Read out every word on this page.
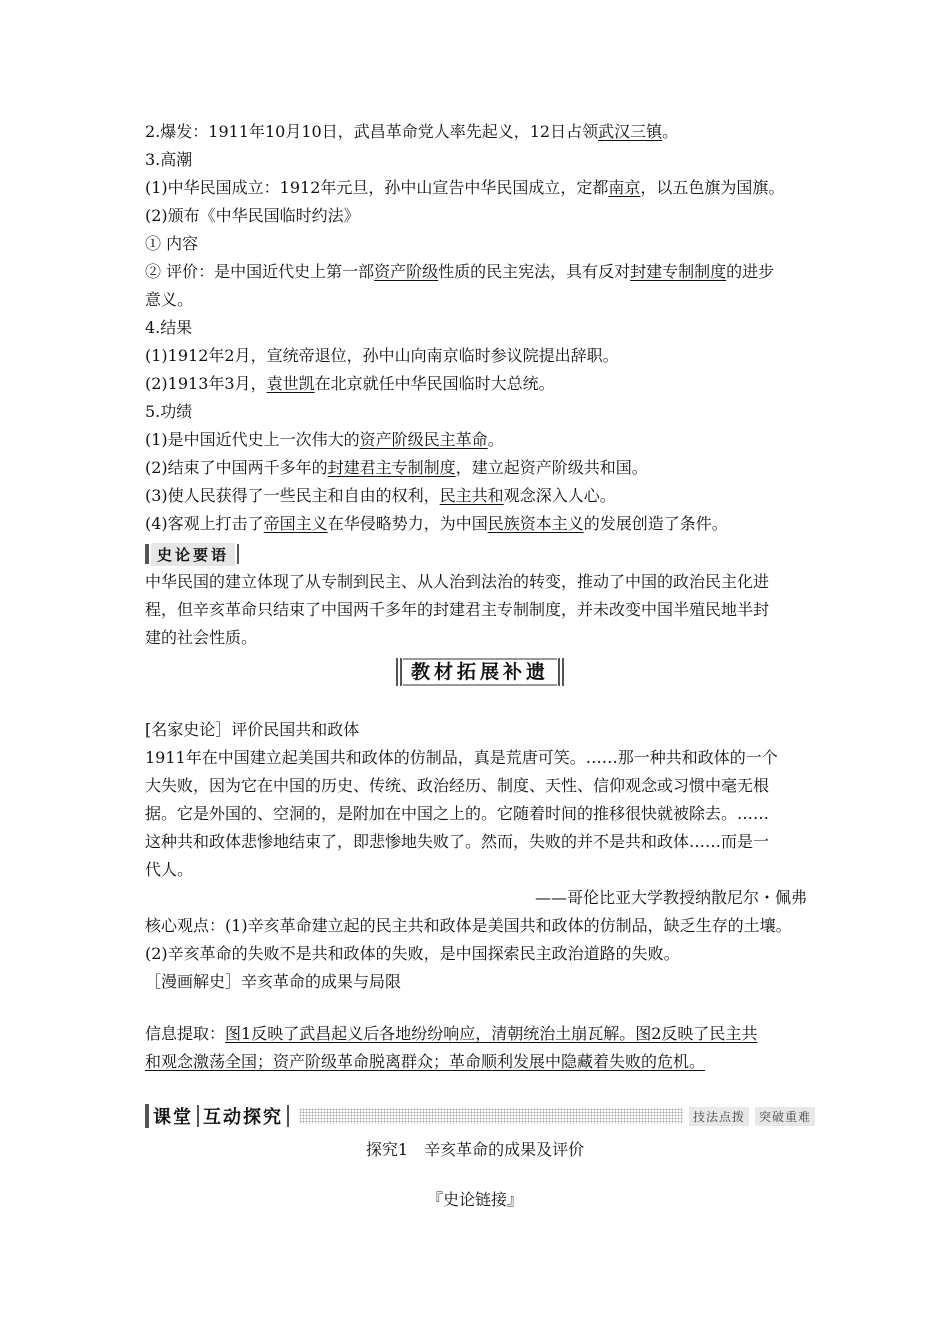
2.爆发：1911年10月10日，武昌革命党人率先起义，12日占领武汉三镇。
3.高潮
(1)中华民国成立：1912年元旦，孙中山宣告中华民国成立，定都南京，以五色旗为国旗。
(2)颁布《中华民国临时约法》
① 内容
② 评价：是中国近代史上第一部资产阶级性质的民主宪法，具有反对封建专制制度的进步
意义。
4.结果
(1)1912年2月，宣统帝退位，孙中山向南京临时参议院提出辞职。
(2)1913年3月，袁世凯在北京就任中华民国临时大总统。
5.功绩
(1)是中国近代史上一次伟大的资产阶级民主革命。
(2)结束了中国两千多年的封建君主专制制度，建立起资产阶级共和国。
(3)使人民获得了一些民主和自由的权利，民主共和观念深入人心。
(4)客观上打击了帝国主义在华侵略势力，为中国民族资本主义的发展创造了条件。
史论要语
中华民国的建立体现了从专制到民主、从人治到法治的转变，推动了中国的政治民主化进
程，但辛亥革命只结束了中国两千多年的封建君主专制制度，并未改变中国半殖民地半封
建的社会性质。
教材拓展补遗
[名家史论］评价民国共和政体
1911年在中国建立起美国共和政体的仿制品，真是荒唐可笑。……那一种共和政体的一个
大失败，因为它在中国的历史、传统、政治经历、制度、天性、信仰观念或习惯中毫无根
据。它是外国的、空洞的，是附加在中国之上的。它随着时间的推移很快就被除去。……
这种共和政体悲惨地结束了，即悲惨地失败了。然而，失败的并不是共和政体……而是一
代人。
——哥伦比亚大学教授纳散尼尔・佩弗
核心观点：(1)辛亥革命建立起的民主共和政体是美国共和政体的仿制品，缺乏生存的土壤。
(2)辛亥革命的失败不是共和政体的失败，是中国探索民主政治道路的失败。
［漫画解史］辛亥革命的成果与局限
信息提取：图1反映了武昌起义后各地纷纷响应，清朝统治土崩瓦解。图2反映了民主共
和观念激荡全国；资产阶级革命脱离群众；革命顺利发展中隐藏着失败的危机。
课堂 互动探究	技法点拨	突破重难
探究1　辛亥革命的成果及评价
『史论链接』
